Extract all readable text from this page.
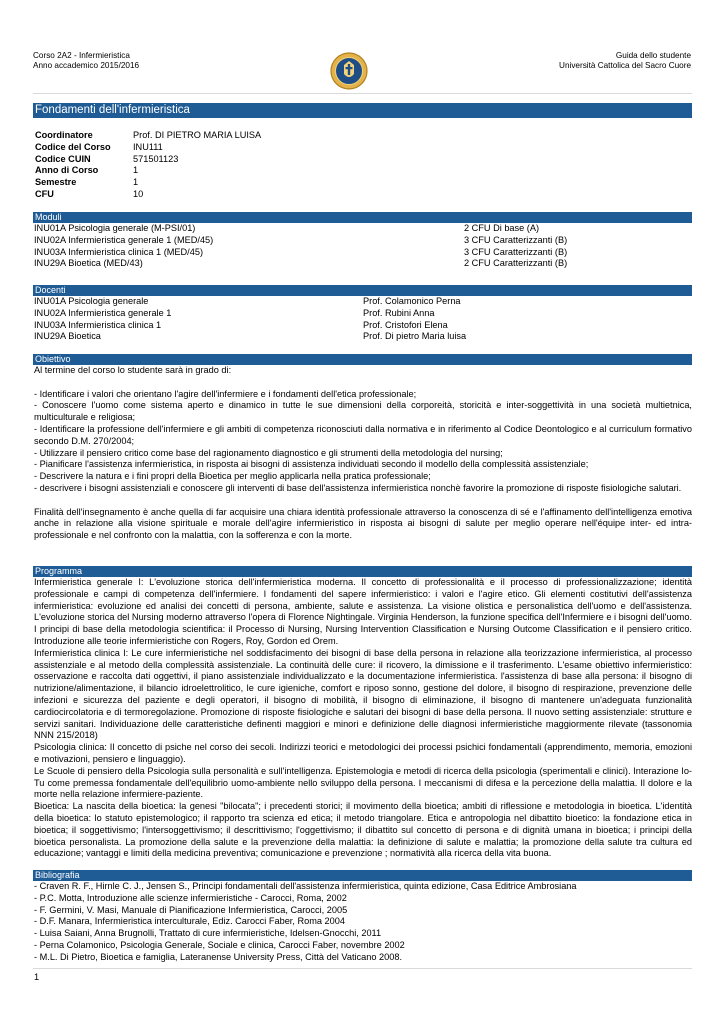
Corso 2A2 - Infermieristica
Anno accademico 2015/2016
Guida dello studente
Università Cattolica del Sacro Cuore
Fondamenti dell'infermieristica
Coordinatore	Prof. DI PIETRO MARIA LUISA
Codice del Corso	INU111
Codice CUIN	571501123
Anno di Corso	1
Semestre	1
CFU	10
Moduli
INU01A Psicologia generale (M-PSI/01)	2 CFU Di base (A)
INU02A Infermieristica generale 1 (MED/45)	3 CFU Caratterizzanti (B)
INU03A Infermieristica clinica 1 (MED/45)	3 CFU Caratterizzanti (B)
INU29A Bioetica (MED/43)	2 CFU Caratterizzanti (B)
Docenti
INU01A Psicologia generale	Prof. Colamonico Perna
INU02A Infermieristica generale 1	Prof. Rubini Anna
INU03A Infermieristica clinica 1	Prof. Cristofori Elena
INU29A Bioetica	Prof. Di pietro Maria luisa
Obiettivo

Al termine del corso lo studente sarà in grado di:

- Identificare i valori che orientano l'agire dell'infermiere e i fondamenti dell'etica professionale;

- Conoscere l'uomo come sistema aperto e dinamico in tutte le sue dimensioni della corporeità, storicità e inter-soggettività in una società multietnica, multiculturale e religiosa;

- Identificare la professione dell'infermiere e gli ambiti di competenza riconosciuti dalla normativa e in riferimento al Codice Deontologico e al curriculum formativo secondo D.M. 270/2004;

- Utilizzare il pensiero critico come base del ragionamento diagnostico e gli strumenti della metodologia del nursing;

- Pianificare l'assistenza infermieristica, in risposta ai bisogni di assistenza individuati secondo il modello della complessità assistenziale;

- Descrivere la natura e i fini propri della Bioetica per meglio applicarla nella pratica professionale;

- descrivere i bisogni assistenziali e conoscere gli interventi di base dell'assistenza infermieristica nonchè favorire la promozione di risposte fisiologiche salutari.

Finalità dell'insegnamento è anche quella di far acquisire una chiara identità professionale attraverso la conoscenza di sé e l'affinamento dell'intelligenza emotiva anche in relazione alla visione spirituale e morale dell'agire infermieristico in risposta ai bisogni di salute per meglio operare nell'équipe inter- ed intra- professionale e nel confronto con la malattia, con la sofferenza e con la morte.

Programma

Infermieristica generale I: L'evoluzione storica dell'infermieristica moderna. Il concetto di professionalità e il processo di professionalizzazione; identità professionale e campi di competenza dell'infermiere. I fondamenti del sapere infermieristico: i valori e l'agire etico. Gli elementi costitutivi dell'assistenza infermieristica: evoluzione ed analisi dei concetti di persona, ambiente, salute e assistenza. La visione olistica e personalistica dell'uomo e dell'assistenza. L'evoluzione storica del Nursing moderno attraverso l'opera di Florence Nightingale. Virginia Henderson, la funzione specifica dell'Infermiere e i bisogni dell'uomo. I principi di base della metodologia scientifica: il Processo di Nursing, Nursing Intervention Classification e Nursing Outcome Classification e il pensiero critico. Introduzione alle teorie infermieristiche con Rogers, Roy, Gordon ed Orem.

Infermieristica clinica I: Le cure infermieristiche nel soddisfacimento dei bisogni di base della persona in relazione alla teorizzazione infermieristica, al processo assistenziale e al metodo della complessità assistenziale. La continuità delle cure: il ricovero, la dimissione e il trasferimento. L'esame obiettivo infermieristico: osservazione e raccolta dati oggettivi, il piano assistenziale individualizzato e la documentazione infermieristica. l'assistenza di base alla persona: il bisogno di nutrizione/alimentazione, il bilancio idroelettrolitico, le cure igieniche, comfort e riposo sonno, gestione del dolore, il bisogno di respirazione, prevenzione delle infezioni e sicurezza del paziente e degli operatori, il bisogno di mobilità, il bisogno di eliminazione, il bisogno di mantenere un'adeguata funzionalità cardiocircolatoria e di termoregolazione. Promozione di risposte fisiologiche e salutari dei bisogni di base della persona. Il nuovo setting assistenziale: strutture e servizi sanitari. Individuazione delle caratteristiche definenti maggiori e minori e definizione delle diagnosi infermieristiche maggiormente rilevate (tassonomia NNN 215/2018)

Psicologia clinica: Il concetto di psiche nel corso dei secoli. Indirizzi teorici e metodologici dei processi psichici fondamentali (apprendimento, memoria, emozioni e motivazioni, pensiero e linguaggio).

Le Scuole di pensiero della Psicologia sulla personalità e sull'intelligenza. Epistemologia e metodi di ricerca della psicologia (sperimentali e clinici). Interazione Io-Tu come premessa fondamentale dell'equilibrio uomo-ambiente nello sviluppo della persona. I meccanismi di difesa e la percezione della malattia. Il dolore e la morte nella relazione infermiere-paziente.

Bioetica: La nascita della bioetica: la genesi "bilocata"; i precedenti storici; il movimento della bioetica; ambiti di riflessione e metodologia in bioetica. L'identità della bioetica: lo statuto epistemologico; il rapporto tra scienza ed etica; il metodo triangolare. Etica e antropologia nel dibattito bioetico: la fondazione etica in bioetica; il soggettivismo; l'intersoggettivismo; il descrittivismo; l'oggettivismo; il dibattito sul concetto di persona e di dignità umana in bioetica; i principi della bioetica personalista. La promozione della salute e la prevenzione della malattia: la definizione di salute e malattia; la promozione della salute tra cultura ed educazione; vantaggi e limiti della medicina preventiva; comunicazione e prevenzione ; normatività alla ricerca della vita buona.

Bibliografia
- Craven R. F., Hirnle C. J., Jensen S., Principi fondamentali dell'assistenza infermieristica, quinta edizione, Casa Editrice Ambrosiana
- P.C. Motta, Introduzione alle scienze infermieristiche - Carocci, Roma, 2002
- F. Germini, V. Masi, Manuale di Pianificazione Infermieristica, Carocci, 2005
- D.F. Manara, Infermieristica interculturale, Ediz. Carocci Faber, Roma 2004
- Luisa Saiani, Anna Brugnolli, Trattato di cure infermieristiche, Idelsen-Gnocchi, 2011
- Perna Colamonico, Psicologia Generale, Sociale e clinica, Carocci Faber, novembre 2002
- M.L. Di Pietro, Bioetica e famiglia, Lateranense University Press, Città del Vaticano 2008.
1
